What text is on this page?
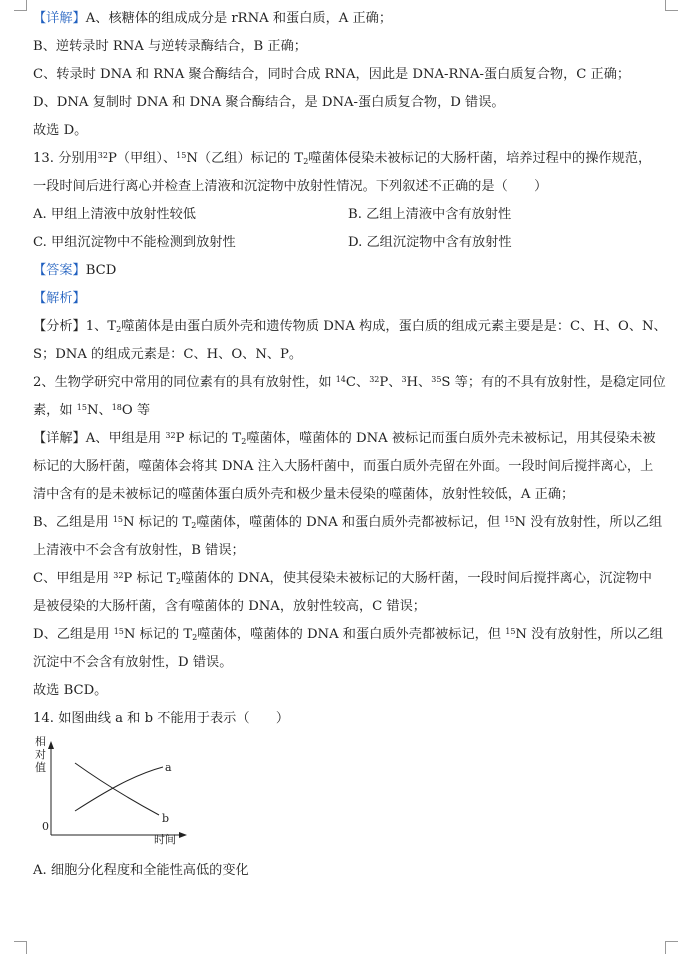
【详解】A、核糖体的组成成分是 rRNA 和蛋白质，A 正确；
B、逆转录时 RNA 与逆转录酶结合，B 正确；
C、转录时 DNA 和 RNA 聚合酶结合，同时合成 RNA，因此是 DNA-RNA-蛋白质复合物，C 正确；
D、DNA 复制时 DNA 和 DNA 聚合酶结合，是 DNA-蛋白质复合物，D 错误。
故选 D。
13. 分别用$^{32}$P（甲组）、$^{15}$N（乙组）标记的 $T_2$噬菌体侵染未被标记的大肠杆菌，培养过程中的操作规范，
一段时间后进行离心并检查上清液和沉淀物中放射性情况。下列叙述不正确的是（　　）
A. 甲组上清液中放射性较低	B. 乙组上清液中含有放射性
C. 甲组沉淀物中不能检测到放射性	D. 乙组沉淀物中含有放射性
【答案】BCD
【解析】
【分析】1、$T_2$噬菌体是由蛋白质外壳和遗传物质 DNA 构成，蛋白质的组成元素主要是是：C、H、O、N、
S；DNA 的组成元素是：C、H、O、N、P。
2、生物学研究中常用的同位素有的具有放射性，如 $^{14}$C、$^{32}$P、$^3$H、$^{35}$S 等；有的不具有放射性，是稳定同位
素，如 $^{15}$N、$^{18}$O 等
【详解】A、甲组是用 $^{32}$P 标记的 $T_2$噬菌体，噬菌体的 DNA 被标记而蛋白质外壳未被标记，用其侵染未被
标记的大肠杆菌，噬菌体会将其 DNA 注入大肠杆菌中，而蛋白质外壳留在外面。一段时间后搅拌离心，上
清中含有的是未被标记的噬菌体蛋白质外壳和极少量未侵染的噬菌体，放射性较低，A 正确；
B、乙组是用 $^{15}$N 标记的 $T_2$噬菌体，噬菌体的 DNA 和蛋白质外壳都被标记，但 $^{15}$N 没有放射性，所以乙组
上清液中不会含有放射性，B 错误；
C、甲组是用 $^{32}$P 标记 $T_2$噬菌体的 DNA，使其侵染未被标记的大肠杆菌，一段时间后搅拌离心，沉淀物中
是被侵染的大肠杆菌，含有噬菌体的 DNA，放射性较高，C 错误；
D、乙组是用 $^{15}$N 标记的 $T_2$噬菌体，噬菌体的 DNA 和蛋白质外壳都被标记，但 $^{15}$N 没有放射性，所以乙组
沉淀中不会含有放射性，D 错误。
故选 BCD。
14. 如图曲线 a 和 b 不能用于表示（　　）
相对值
0
时间
a
b
A. 细胞分化程度和全能性高低的变化
